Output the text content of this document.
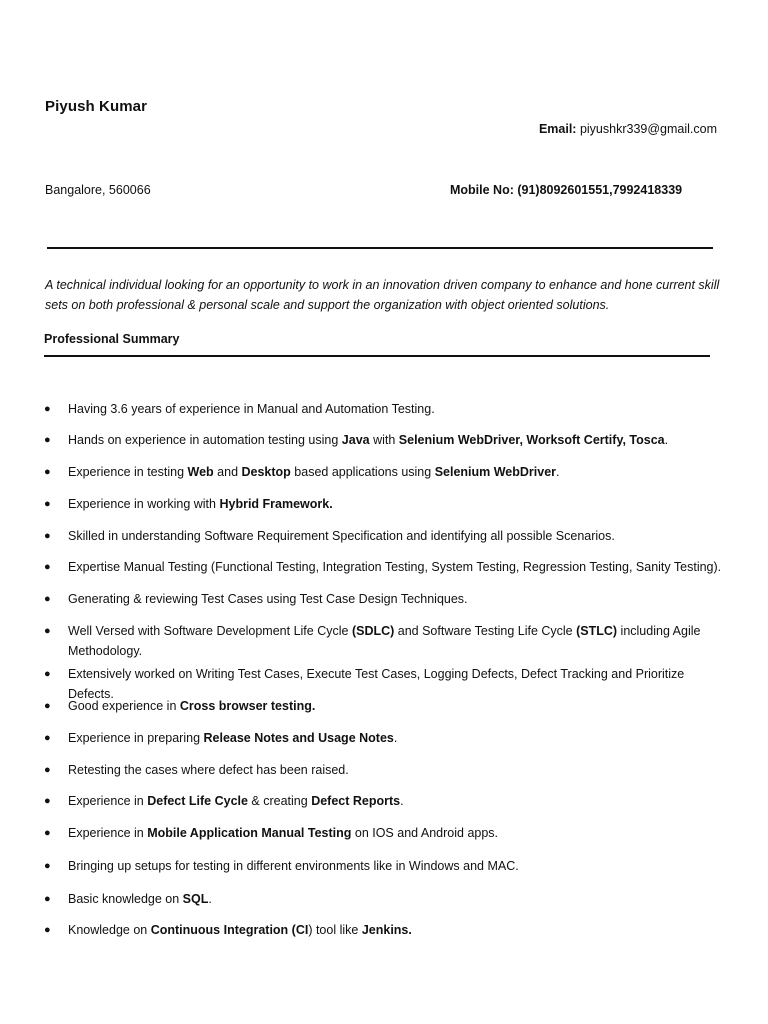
Piyush Kumar
Email: piyushkr339@gmail.com
Bangalore, 560066	Mobile No: (91)8092601551,7992418339
A technical individual looking for an opportunity to work in an innovation driven company to enhance and hone current skill sets on both professional & personal scale and support the organization with object oriented solutions.
Professional Summary
● Having 3.6 years of experience in Manual and Automation Testing.
● Hands on experience in automation testing using Java with Selenium WebDriver, Worksoft Certify, Tosca.
● Experience in testing Web and Desktop based applications using Selenium WebDriver.
● Experience in working with Hybrid Framework.
● Skilled in understanding Software Requirement Specification and identifying all possible Scenarios.
● Expertise Manual Testing (Functional Testing, Integration Testing, System Testing, Regression Testing, Sanity Testing).
● Generating & reviewing Test Cases using Test Case Design Techniques.
● Well Versed with Software Development Life Cycle (SDLC) and Software Testing Life Cycle (STLC) including Agile Methodology.
● Extensively worked on Writing Test Cases, Execute Test Cases, Logging Defects, Defect Tracking and Prioritize Defects.
● Good experience in Cross browser testing.
● Experience in preparing Release Notes and Usage Notes.
● Retesting the cases where defect has been raised.
● Experience in Defect Life Cycle & creating Defect Reports.
● Experience in Mobile Application Manual Testing on IOS and Android apps.
● Bringing up setups for testing in different environments like in Windows and MAC.
● Basic knowledge on SQL.
● Knowledge on Continuous Integration (CI) tool like Jenkins.
